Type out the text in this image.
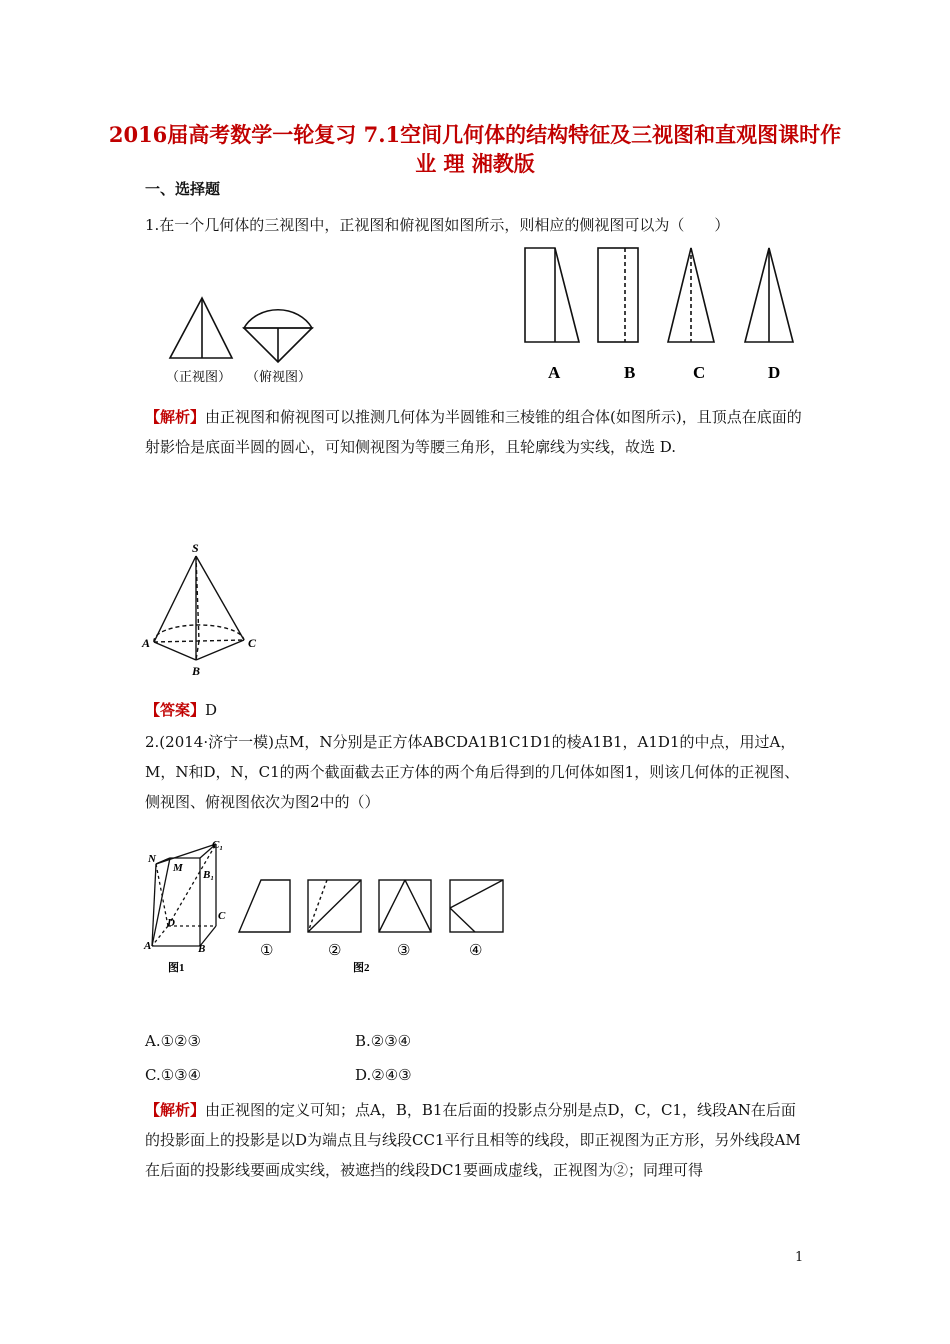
2016届高考数学一轮复习 7.1空间几何体的结构特征及三视图和直观图课时作业 理 湘教版
一、选择题
1.在一个几何体的三视图中，正视图和俯视图如图所示，则相应的侧视图可以为（　　）
（正视图） （俯视图）	A	B	C	D
【解析】由正视图和俯视图可以推测几何体为半圆锥和三棱锥的组合体(如图所示)，且顶点在底面的射影恰是底面半圆的圆心，可知侧视图为等腰三角形，且轮廓线为实线，故选 D.
S
A
B
C
【答案】D
2.(2014·济宁一模)点M，N分别是正方体ABCDA1B1C1D1的棱A1B1，A1D1的中点，用过A，M，N和D，N，C1的两个截面截去正方体的两个角后得到的几何体如图1，则该几何体的正视图、侧视图、俯视图依次为图2中的（）
N
M
C₁
B₁
C
D
A	B
图1
①	②	③	④
图2
A.①②③	B.②③④
C.①③④	D.②④③
【解析】由正视图的定义可知；点A，B，B1在后面的投影点分别是点D，C，C1，线段AN在后面的投影面上的投影是以D为端点且与线段CC1平行且相等的线段，即正视图为正方形，另外线段AM在后面的投影线要画成实线，被遮挡的线段DC1要画成虚线，正视图为②；同理可得
1
